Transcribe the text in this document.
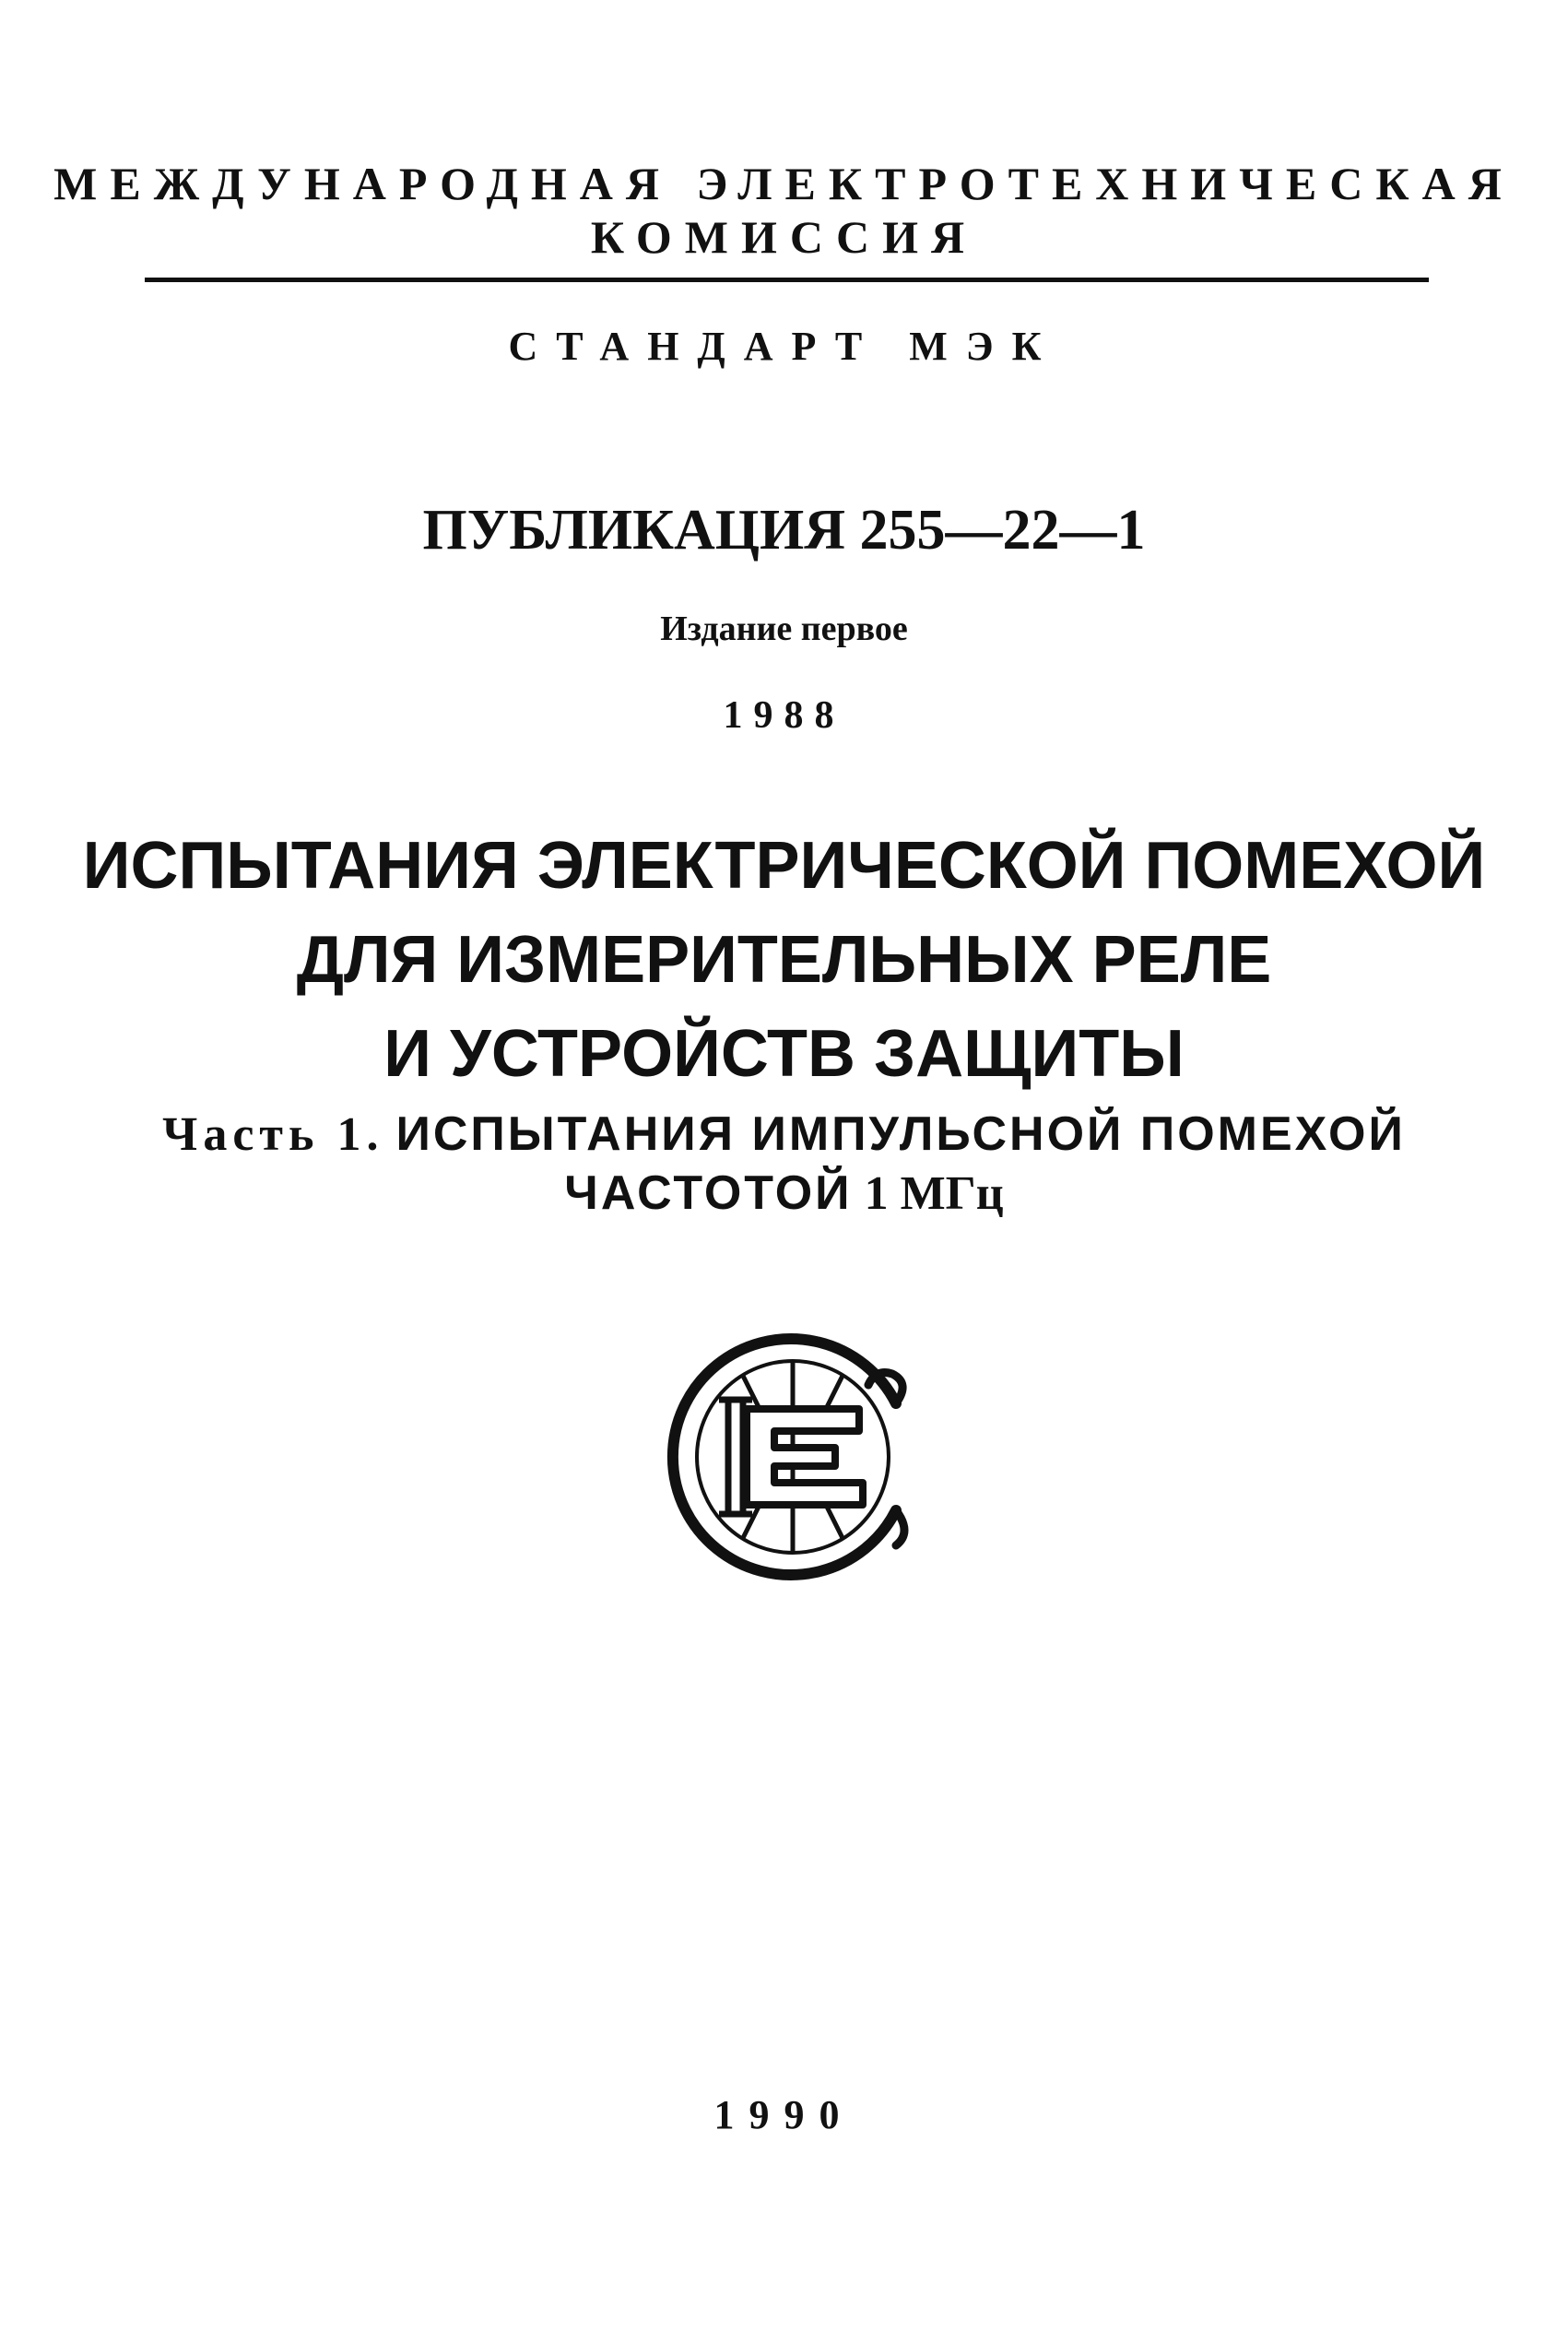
МЕЖДУНАРОДНАЯ ЭЛЕКТРОТЕХНИЧЕСКАЯ
КОМИССИЯ
СТАНДАРТ МЭК
ПУБЛИКАЦИЯ 255—22—1
Издание первое
1988
ИСПЫТАНИЯ ЭЛЕКТРИЧЕСКОЙ ПОМЕХОЙ
ДЛЯ ИЗМЕРИТЕЛЬНЫХ РЕЛЕ
И УСТРОЙСТВ ЗАЩИТЫ
Часть 1. ИСПЫТАНИЯ ИМПУЛЬСНОЙ ПОМЕХОЙ
ЧАСТОТОЙ 1 МГц
1990
